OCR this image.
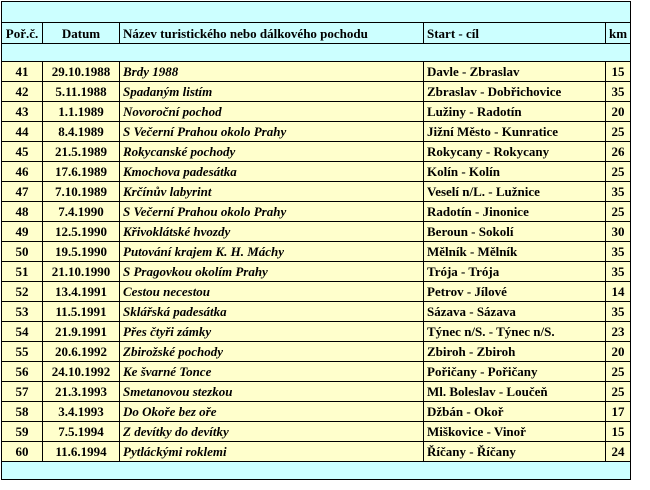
Poř.č.	Datum	Název turistického nebo dálkového pochodu	Start - cíl	km

41	29.10.1988	Brdy 1988	Davle - Zbraslav	15
42	5.11.1988	Spadaným listím	Zbraslav - Dobřichovice	35
43	1.1.1989	Novoroční pochod	Lužiny - Radotín	20
44	8.4.1989	S Večerní Prahou okolo Prahy	Jižní Město - Kunratice	25
45	21.5.1989	Rokycanské pochody	Rokycany - Rokycany	26
46	17.6.1989	Kmochova padesátka	Kolín - Kolín	25
47	7.10.1989	Krčínův labyrint	Veselí n/L. - Lužnice	35
48	7.4.1990	S Večerní Prahou okolo Prahy	Radotín - Jinonice	25
49	12.5.1990	Křivoklátské hvozdy	Beroun - Sokolí	30
50	19.5.1990	Putování krajem K. H. Máchy	Mělník - Mělník	35
51	21.10.1990	S Pragovkou okolím Prahy	Trója - Trója	35
52	13.4.1991	Cestou necestou	Petrov - Jílové	14
53	11.5.1991	Sklářská padesátka	Sázava - Sázava	35
54	21.9.1991	Přes čtyři zámky	Týnec n/S. - Týnec n/S.	23
55	20.6.1992	Zbirožské pochody	Zbiroh - Zbiroh	20
56	24.10.1992	Ke švarné Tonce	Pořičany - Pořičany	25
57	21.3.1993	Smetanovou stezkou	Ml. Boleslav - Loučeň	25
58	3.4.1993	Do Okoře bez oře	Džbán - Okoř	17
59	7.5.1994	Z devítky do devítky	Miškovice - Vinoř	15
60	11.6.1994	Pytláckými roklemi	Říčany - Říčany	24
